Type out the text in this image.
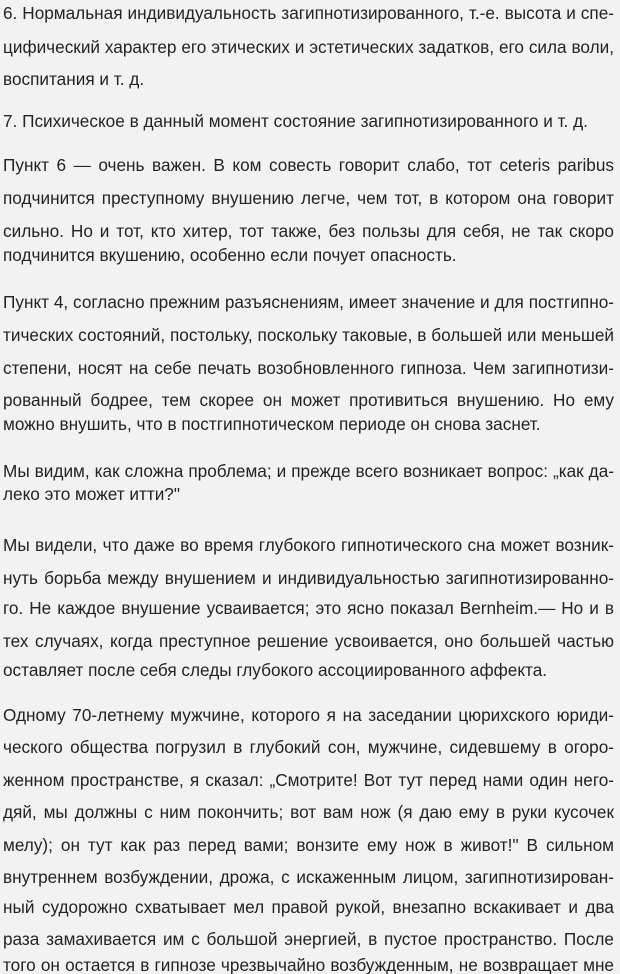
6. Нормальная индивидуальность загипнотизированного, т.-е. высота и спе-
цифический характер его этических и эстетических задатков, его сила воли,
воспитания и т. д.
7. Психическое в данный момент состояние загипнотизированного и т. д.
Пункт 6 — очень важен. В ком совесть говорит слабо, тот ceteris paribus
подчинится преступному внушению легче, чем тот, в котором она говорит
сильно. Но и тот, кто хитер, тот также, без пользы для себя, не так скоро
подчинится вкушению, особенно если почует опасность.
Пункт 4, согласно прежним разъяснениям, имеет значение и для постгипно-
тических состояний, постольку, поскольку таковые, в большей или меньшей
степени, носят на себе печать возобновленного гипноза. Чем загипнотизи-
рованный бодрее, тем скорее он может противиться внушению. Но ему
можно внушить, что в постгипнотическом периоде он снова заснет.
Мы видим, как сложна проблема; и прежде всего возникает вопрос: „как да-
леко это может итти?"
Мы видели, что даже во время глубокого гипнотического сна может возник-
нуть борьба между внушением и индивидуальностью загипнотизированно-
го. Не каждое внушение усваивается; это ясно показал Bernheim.— Но и в
тех случаях, когда преступное решение усвоивается, оно большей частью
оставляет после себя следы глубокого ассоциированного аффекта.
Одному 70-летнему мужчине, которого я на заседании цюрихского юриди-
ческого общества погрузил в глубокий сон, мужчине, сидевшему в огоро-
женном пространстве, я сказал: „Смотрите! Вот тут перед нами один него-
дяй, мы должны с ним покончить; вот вам нож (я даю ему в руки кусочек
мелу); он тут как раз перед вами; вонзите ему нож в живот!" В сильном
внутреннем возбуждении, дрожа, с искаженным лицом, загипнотизирован-
ный судорожно схватывает мел правой рукой, внезапно вскакивает и два
раза замахивается им с большой энергией, в пустое пространство. После
того он остается в гипнозе чрезвычайно возбужденным, не возвращает мне
